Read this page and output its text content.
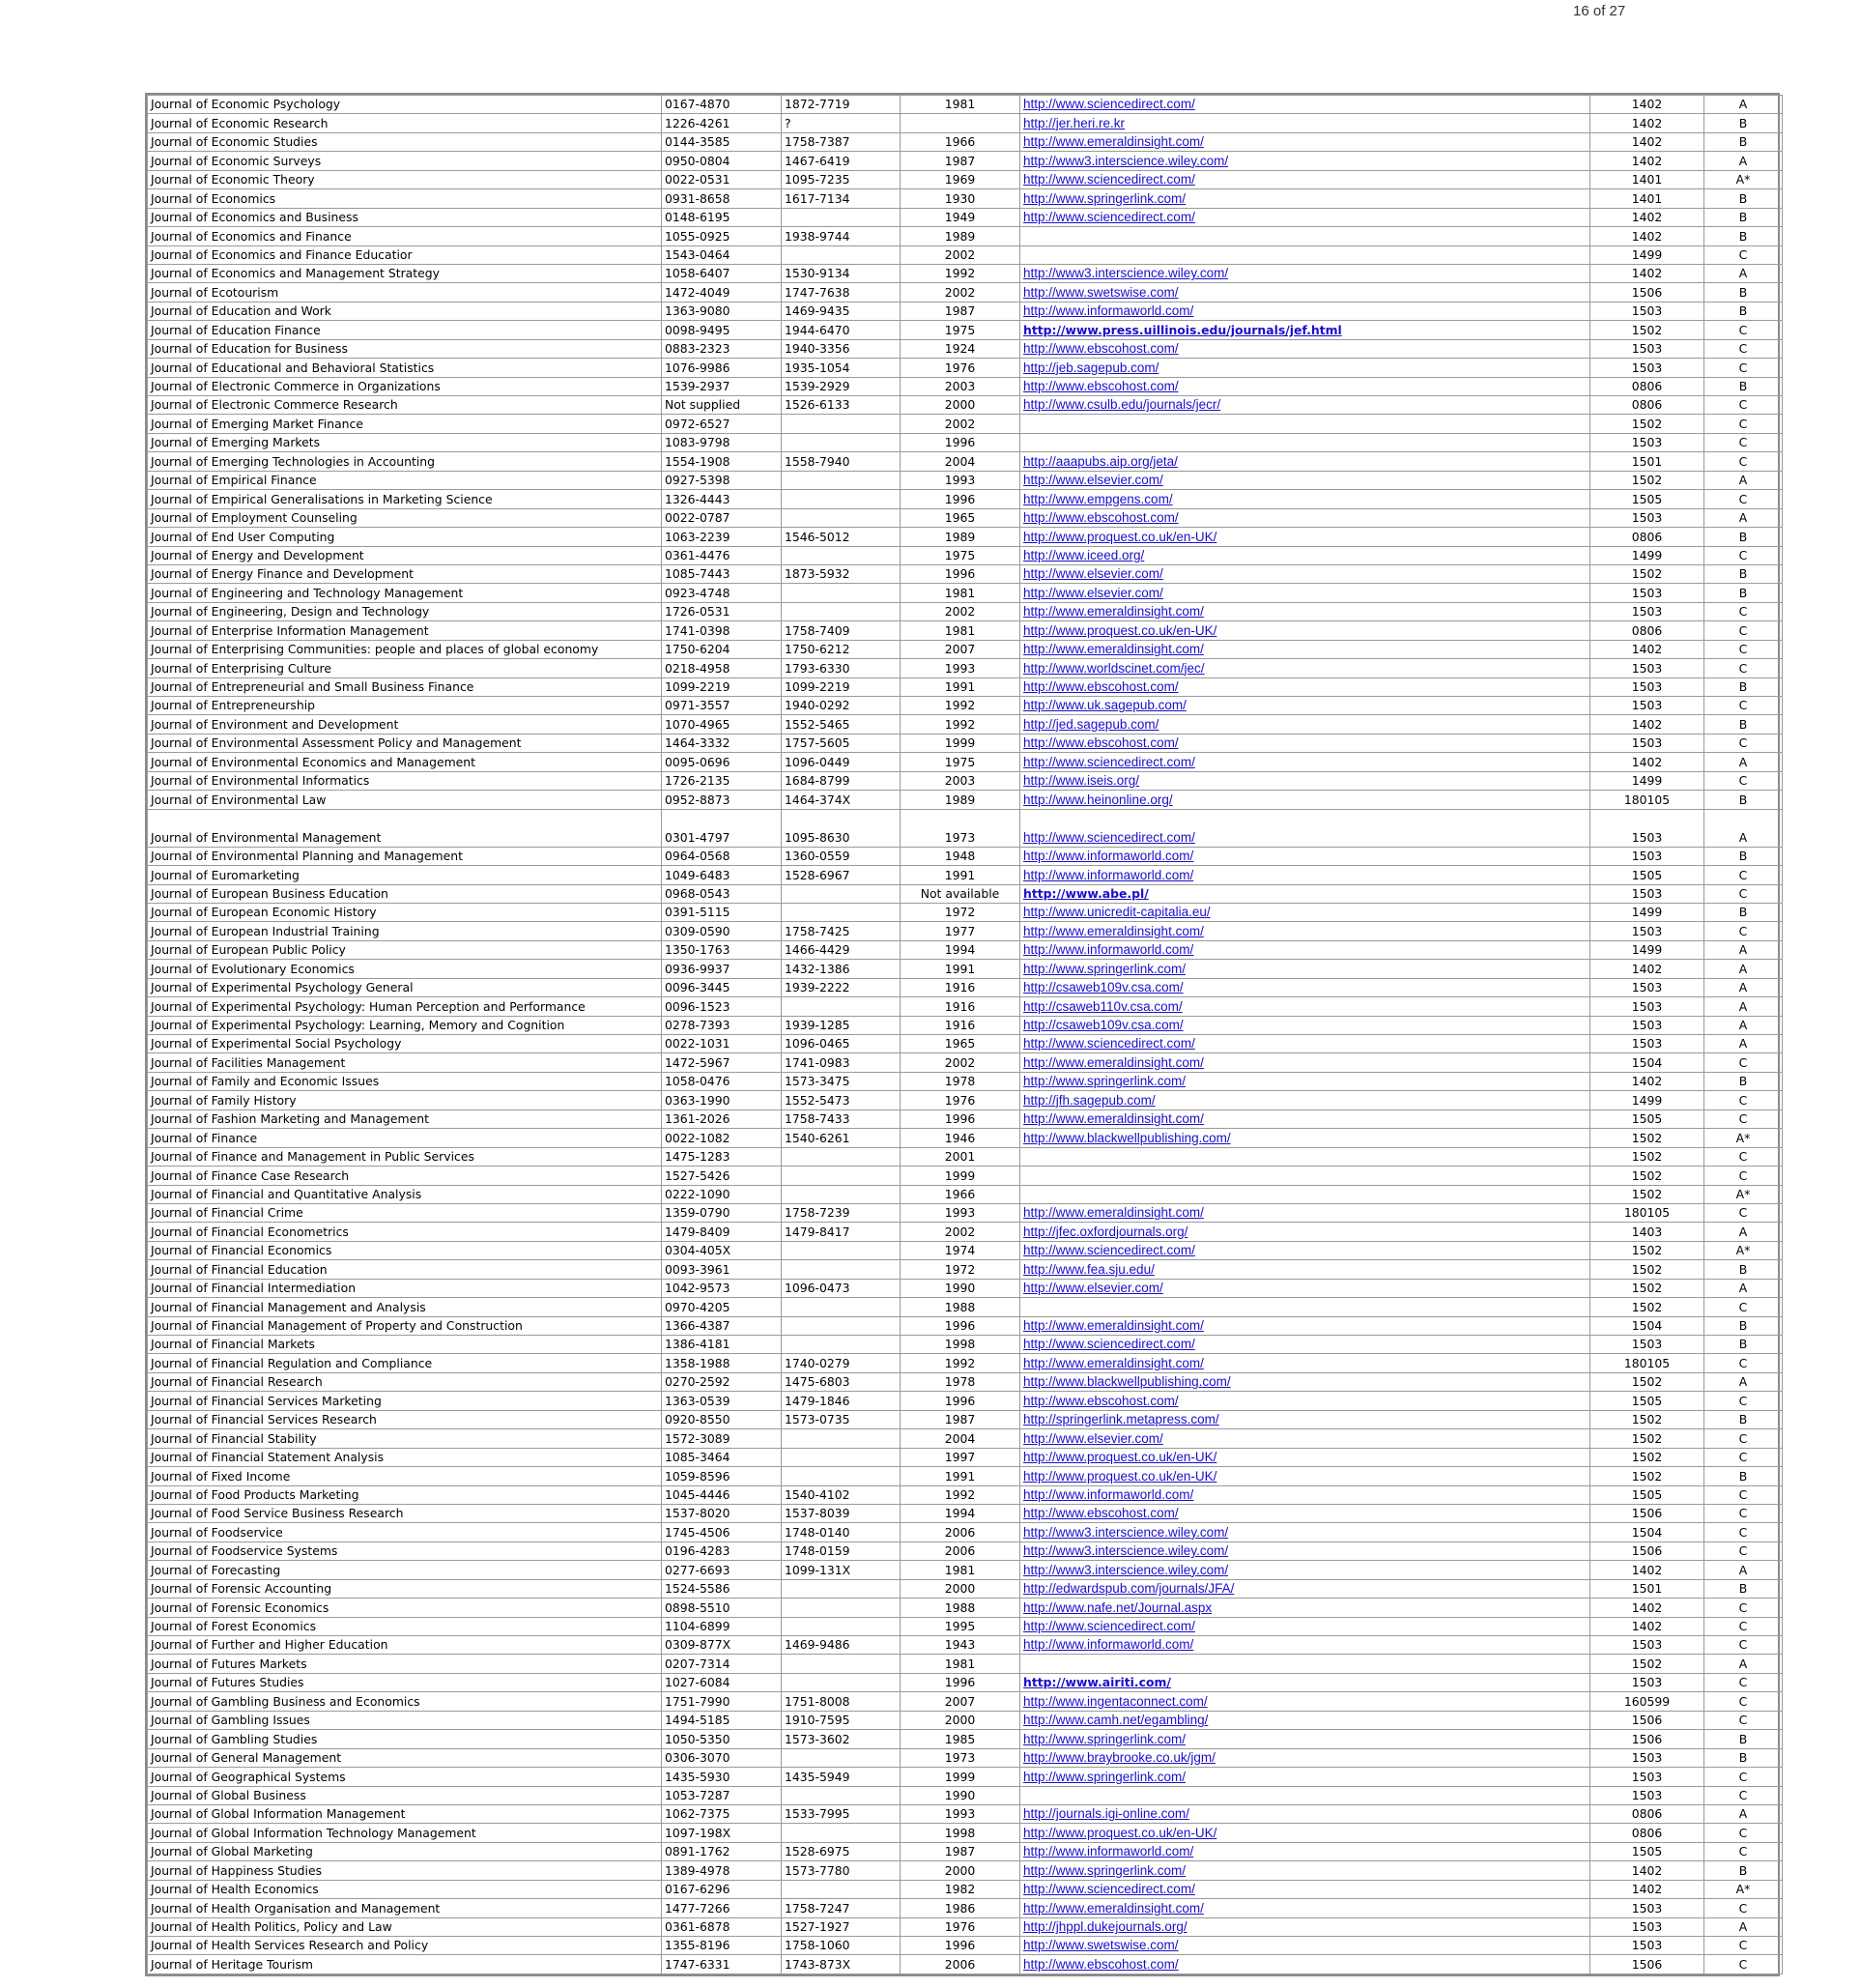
16 of 27
Journal of Economic Psychology	0167-4870	1872-7719	1981	http://www.sciencedirect.com/	1402	A
Journal of Economic Research	1226-4261	?		http://jer.heri.re.kr	1402	B
Journal of Economic Studies	0144-3585	1758-7387	1966	http://www.emeraldinsight.com/	1402	B
Journal of Economic Surveys	0950-0804	1467-6419	1987	http://www3.interscience.wiley.com/	1402	A
Journal of Economic Theory	0022-0531	1095-7235	1969	http://www.sciencedirect.com/	1401	A*
Journal of Economics	0931-8658	1617-7134	1930	http://www.springerlink.com/	1401	B
Journal of Economics and Business	0148-6195		1949	http://www.sciencedirect.com/	1402	B
Journal of Economics and Finance	1055-0925	1938-9744	1989		1402	B
Journal of Economics and Finance Educatior	1543-0464		2002		1499	C
Journal of Economics and Management Strategy	1058-6407	1530-9134	1992	http://www3.interscience.wiley.com/	1402	A
Journal of Ecotourism	1472-4049	1747-7638	2002	http://www.swetswise.com/	1506	B
Journal of Education and Work	1363-9080	1469-9435	1987	http://www.informaworld.com/	1503	B
Journal of Education Finance	0098-9495	1944-6470	1975	http://www.press.uillinois.edu/journals/jef.html	1502	C
Journal of Education for Business	0883-2323	1940-3356	1924	http://www.ebscohost.com/	1503	C
Journal of Educational and Behavioral Statistics	1076-9986	1935-1054	1976	http://jeb.sagepub.com/	1503	C
Journal of Electronic Commerce in Organizations	1539-2937	1539-2929	2003	http://www.ebscohost.com/	0806	B
Journal of Electronic Commerce Research	Not supplied	1526-6133	2000	http://www.csulb.edu/journals/jecr/	0806	C
Journal of Emerging Market Finance	0972-6527		2002		1502	C
Journal of Emerging Markets	1083-9798		1996		1503	C
Journal of Emerging Technologies in Accounting	1554-1908	1558-7940	2004	http://aaapubs.aip.org/jeta/	1501	C
Journal of Empirical Finance	0927-5398		1993	http://www.elsevier.com/	1502	A
Journal of Empirical Generalisations in Marketing Science	1326-4443		1996	http://www.empgens.com/	1505	C
Journal of Employment Counseling	0022-0787		1965	http://www.ebscohost.com/	1503	A
Journal of End User Computing	1063-2239	1546-5012	1989	http://www.proquest.co.uk/en-UK/	0806	B
Journal of Energy and Development	0361-4476		1975	http://www.iceed.org/	1499	C
Journal of Energy Finance and Development	1085-7443	1873-5932	1996	http://www.elsevier.com/	1502	B
Journal of Engineering and Technology Management	0923-4748		1981	http://www.elsevier.com/	1503	B
Journal of Engineering, Design and Technology	1726-0531		2002	http://www.emeraldinsight.com/	1503	C
Journal of Enterprise Information Management	1741-0398	1758-7409	1981	http://www.proquest.co.uk/en-UK/	0806	C
Journal of Enterprising Communities: people and places of global economy	1750-6204	1750-6212	2007	http://www.emeraldinsight.com/	1402	C
Journal of Enterprising Culture	0218-4958	1793-6330	1993	http://www.worldscinet.com/jec/	1503	C
Journal of Entrepreneurial and Small Business Finance	1099-2219	1099-2219	1991	http://www.ebscohost.com/	1503	B
Journal of Entrepreneurship	0971-3557	1940-0292	1992	http://www.uk.sagepub.com/	1503	C
Journal of Environment and Development	1070-4965	1552-5465	1992	http://jed.sagepub.com/	1402	B
Journal of Environmental Assessment Policy and Management	1464-3332	1757-5605	1999	http://www.ebscohost.com/	1503	C
Journal of Environmental Economics and Management	0095-0696	1096-0449	1975	http://www.sciencedirect.com/	1402	A
Journal of Environmental Informatics	1726-2135	1684-8799	2003	http://www.iseis.org/	1499	C
Journal of Environmental Law	0952-8873	1464-374X	1989	http://www.heinonline.org/	180105	B
Journal of Environmental Management	0301-4797	1095-8630	1973	http://www.sciencedirect.com/	1503	A
Journal of Environmental Planning and Management	0964-0568	1360-0559	1948	http://www.informaworld.com/	1503	B
Journal of Euromarketing	1049-6483	1528-6967	1991	http://www.informaworld.com/	1505	C
Journal of European Business Education	0968-0543		Not available	http://www.abe.pl/	1503	C
Journal of European Economic History	0391-5115		1972	http://www.unicredit-capitalia.eu/	1499	B
Journal of European Industrial Training	0309-0590	1758-7425	1977	http://www.emeraldinsight.com/	1503	C
Journal of European Public Policy	1350-1763	1466-4429	1994	http://www.informaworld.com/	1499	A
Journal of Evolutionary Economics	0936-9937	1432-1386	1991	http://www.springerlink.com/	1402	A
Journal of Experimental Psychology General	0096-3445	1939-2222	1916	http://csaweb109v.csa.com/	1503	A
Journal of Experimental Psychology: Human Perception and Performance	0096-1523		1916	http://csaweb110v.csa.com/	1503	A
Journal of Experimental Psychology: Learning, Memory and Cognition	0278-7393	1939-1285	1916	http://csaweb109v.csa.com/	1503	A
Journal of Experimental Social Psychology	0022-1031	1096-0465	1965	http://www.sciencedirect.com/	1503	A
Journal of Facilities Management	1472-5967	1741-0983	2002	http://www.emeraldinsight.com/	1504	C
Journal of Family and Economic Issues	1058-0476	1573-3475	1978	http://www.springerlink.com/	1402	B
Journal of Family History	0363-1990	1552-5473	1976	http://jfh.sagepub.com/	1499	C
Journal of Fashion Marketing and Management	1361-2026	1758-7433	1996	http://www.emeraldinsight.com/	1505	C
Journal of Finance	0022-1082	1540-6261	1946	http://www.blackwellpublishing.com/	1502	A*
Journal of Finance and Management in Public Services	1475-1283		2001		1502	C
Journal of Finance Case Research	1527-5426		1999		1502	C
Journal of Financial and Quantitative Analysis	0222-1090		1966		1502	A*
Journal of Financial Crime	1359-0790	1758-7239	1993	http://www.emeraldinsight.com/	180105	C
Journal of Financial Econometrics	1479-8409	1479-8417	2002	http://jfec.oxfordjournals.org/	1403	A
Journal of Financial Economics	0304-405X		1974	http://www.sciencedirect.com/	1502	A*
Journal of Financial Education	0093-3961		1972	http://www.fea.sju.edu/	1502	B
Journal of Financial Intermediation	1042-9573	1096-0473	1990	http://www.elsevier.com/	1502	A
Journal of Financial Management and Analysis	0970-4205		1988		1502	C
Journal of Financial Management of Property and Construction	1366-4387		1996	http://www.emeraldinsight.com/	1504	B
Journal of Financial Markets	1386-4181		1998	http://www.sciencedirect.com/	1503	B
Journal of Financial Regulation and Compliance	1358-1988	1740-0279	1992	http://www.emeraldinsight.com/	180105	C
Journal of Financial Research	0270-2592	1475-6803	1978	http://www.blackwellpublishing.com/	1502	A
Journal of Financial Services Marketing	1363-0539	1479-1846	1996	http://www.ebscohost.com/	1505	C
Journal of Financial Services Research	0920-8550	1573-0735	1987	http://springerlink.metapress.com/	1502	B
Journal of Financial Stability	1572-3089		2004	http://www.elsevier.com/	1502	C
Journal of Financial Statement Analysis	1085-3464		1997	http://www.proquest.co.uk/en-UK/	1502	C
Journal of Fixed Income	1059-8596		1991	http://www.proquest.co.uk/en-UK/	1502	B
Journal of Food Products Marketing	1045-4446	1540-4102	1992	http://www.informaworld.com/	1505	C
Journal of Food Service Business Research	1537-8020	1537-8039	1994	http://www.ebscohost.com/	1506	C
Journal of Foodservice	1745-4506	1748-0140	2006	http://www3.interscience.wiley.com/	1504	C
Journal of Foodservice Systems	0196-4283	1748-0159	2006	http://www3.interscience.wiley.com/	1506	C
Journal of Forecasting	0277-6693	1099-131X	1981	http://www3.interscience.wiley.com/	1402	A
Journal of Forensic Accounting	1524-5586		2000	http://edwardspub.com/journals/JFA/	1501	B
Journal of Forensic Economics	0898-5510		1988	http://www.nafe.net/Journal.aspx	1402	C
Journal of Forest Economics	1104-6899		1995	http://www.sciencedirect.com/	1402	C
Journal of Further and Higher Education	0309-877X	1469-9486	1943	http://www.informaworld.com/	1503	C
Journal of Futures Markets	0207-7314		1981		1502	A
Journal of Futures Studies	1027-6084		1996	http://www.airiti.com/	1503	C
Journal of Gambling Business and Economics	1751-7990	1751-8008	2007	http://www.ingentaconnect.com/	160599	C
Journal of Gambling Issues	1494-5185	1910-7595	2000	http://www.camh.net/egambling/	1506	C
Journal of Gambling Studies	1050-5350	1573-3602	1985	http://www.springerlink.com/	1506	B
Journal of General Management	0306-3070		1973	http://www.braybrooke.co.uk/jgm/	1503	B
Journal of Geographical Systems	1435-5930	1435-5949	1999	http://www.springerlink.com/	1503	C
Journal of Global Business	1053-7287		1990		1503	C
Journal of Global Information Management	1062-7375	1533-7995	1993	http://journals.igi-online.com/	0806	A
Journal of Global Information Technology Management	1097-198X		1998	http://www.proquest.co.uk/en-UK/	0806	C
Journal of Global Marketing	0891-1762	1528-6975	1987	http://www.informaworld.com/	1505	C
Journal of Happiness Studies	1389-4978	1573-7780	2000	http://www.springerlink.com/	1402	B
Journal of Health Economics	0167-6296		1982	http://www.sciencedirect.com/	1402	A*
Journal of Health Organisation and Management	1477-7266	1758-7247	1986	http://www.emeraldinsight.com/	1503	C
Journal of Health Politics, Policy and Law	0361-6878	1527-1927	1976	http://jhppl.dukejournals.org/	1503	A
Journal of Health Services Research and Policy	1355-8196	1758-1060	1996	http://www.swetswise.com/	1503	C
Journal of Heritage Tourism	1747-6331	1743-873X	2006	http://www.ebscohost.com/	1506	C
